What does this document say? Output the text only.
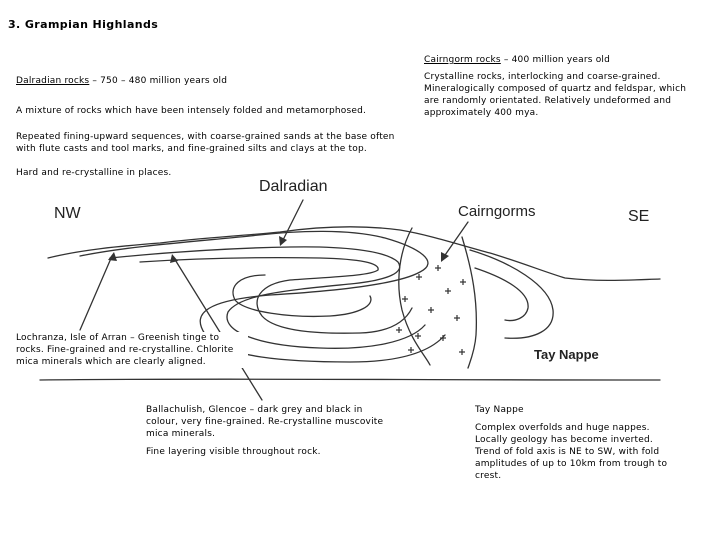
3. Grampian Highlands
Cairngorm rocks – 400 million years old
Crystalline rocks, interlocking and coarse-grained. Mineralogically composed of quartz and feldspar, which are randomly orientated. Relatively undeformed and approximately 400 mya.
Dalradian rocks – 750 – 480 million years old
A mixture of rocks which have been intensely folded and metamorphosed.
Repeated fining-upward sequences, with coarse-grained sands at the base often with flute casts and tool marks, and fine-grained silts and clays at the top.
Hard and re-crystalline in places.
Dalradian
NW	Cairngorms	SE
Tay Nappe
Lochranza, Isle of Arran – Greenish tinge to rocks. Fine-grained and re-crystalline. Chlorite mica minerals which are clearly aligned.
Ballachulish, Glencoe – dark grey and black in colour, very fine-grained. Re-crystalline muscovite mica minerals.
Fine layering visible throughout rock.
Tay Nappe
Complex overfolds and huge nappes. Locally geology has become inverted. Trend of fold axis is NE to SW, with fold amplitudes of up to 10km from trough to crest.
